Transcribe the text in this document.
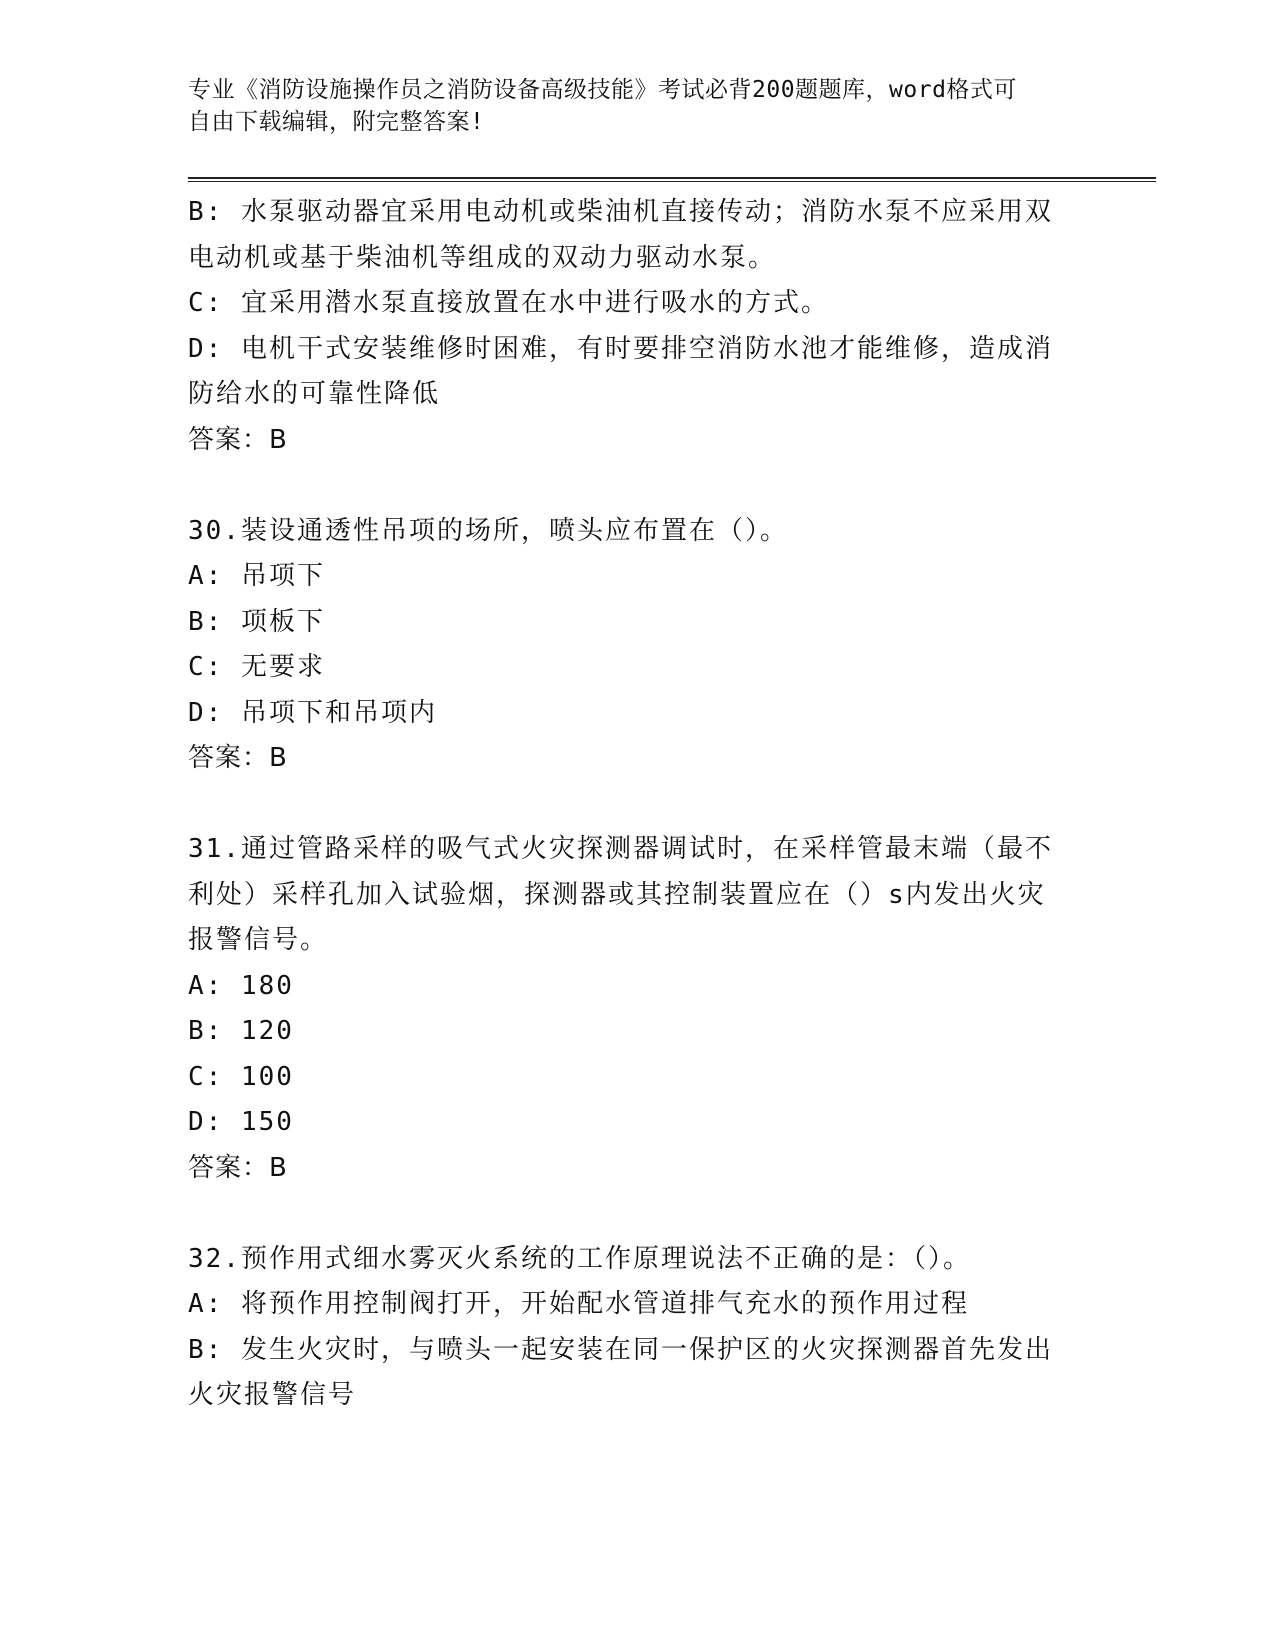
专业《消防设施操作员之消防设备高级技能》考试必背200题题库，word格式可
自由下载编辑，附完整答案!
B: 水泵驱动器宜采用电动机或柴油机直接传动；消防水泵不应采用双
电动机或基于柴油机等组成的双动力驱动水泵。
C: 宜采用潜水泵直接放置在水中进行吸水的方式。
D: 电机干式安装维修时困难，有时要排空消防水池才能维修，造成消
防给水的可靠性降低
答案：B
30.装设通透性吊项的场所，喷头应布置在（）。
A: 吊项下
B: 项板下
C: 无要求
D: 吊项下和吊项内
答案：B
31.通过管路采样的吸气式火灾探测器调试时，在采样管最末端（最不
利处）采样孔加入试验烟，探测器或其控制装置应在（）s内发出火灾
报警信号。
A: 180
B: 120
C: 100
D: 150
答案：B
32.预作用式细水雾灭火系统的工作原理说法不正确的是：（）。
A: 将预作用控制阀打开，开始配水管道排气充水的预作用过程
B: 发生火灾时，与喷头一起安装在同一保护区的火灾探测器首先发出
火灾报警信号
